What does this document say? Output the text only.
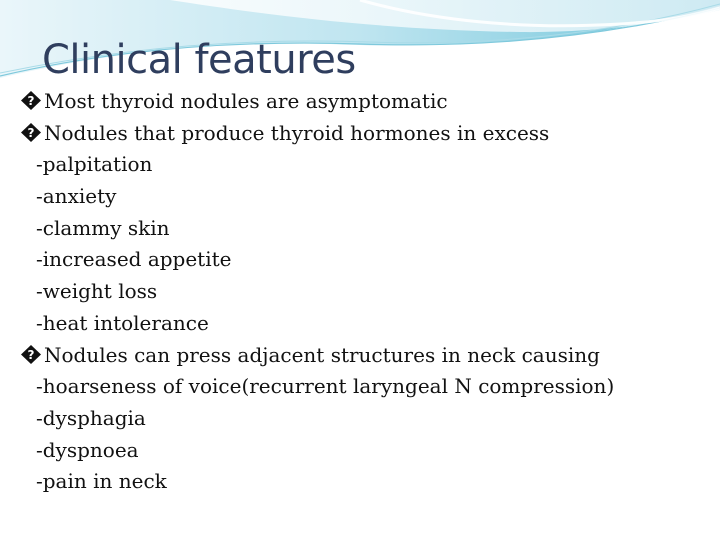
Clinical features
? Most thyroid nodules are asymptomatic
? Nodules that produce thyroid hormones in excess
-palpitation
-anxiety
-clammy skin
-increased appetite
-weight loss
-heat intolerance
? Nodules can press adjacent structures in neck causing
-hoarseness of voice(recurrent laryngeal N compression)
-dysphagia
-dyspnoea
-pain in neck
